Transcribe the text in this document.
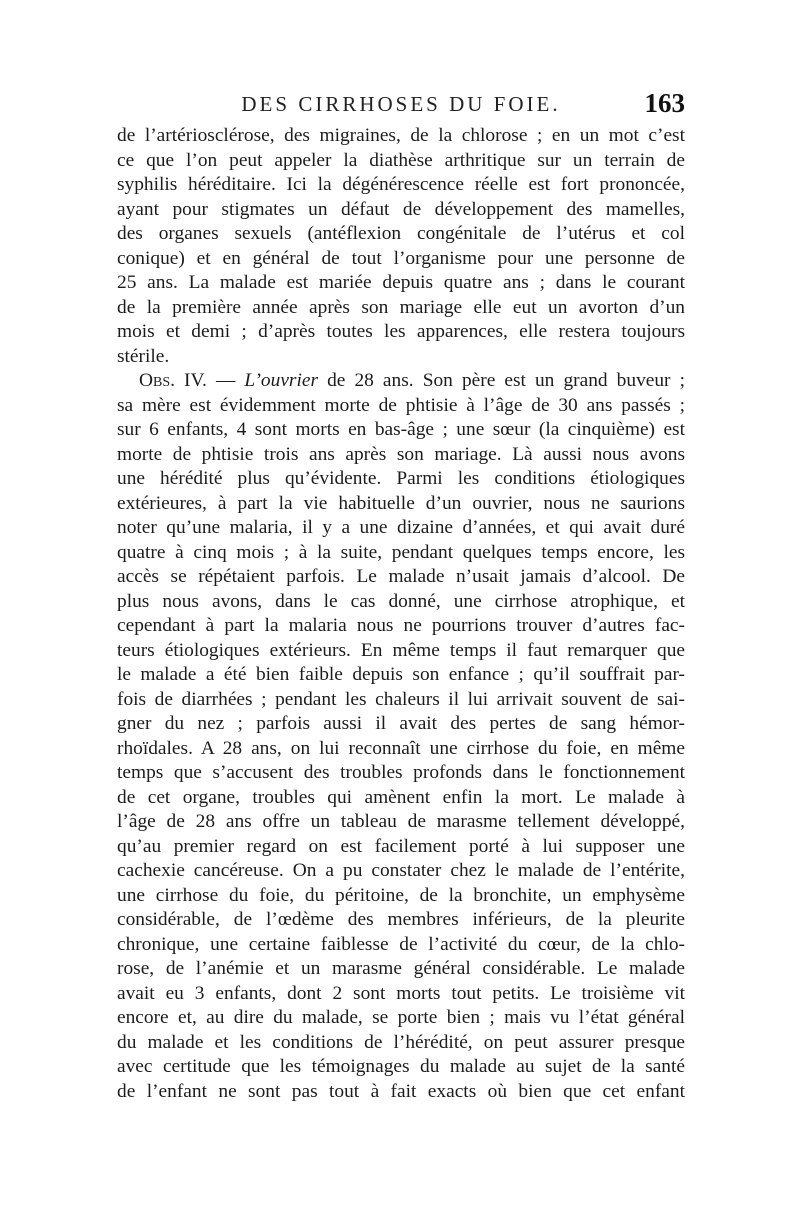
DES CIRRHOSES DU FOIE.	163
de l’artériosclérose, des migraines, de la chlorose ; en un mot c’est
ce que l’on peut appeler la diathèse arthritique sur un terrain de
syphilis héréditaire. Ici la dégénérescence réelle est fort prononcée,
ayant pour stigmates un défaut de développement des mamelles,
des organes sexuels (antéflexion congénitale de l’utérus et col
conique) et en général de tout l’organisme pour une personne de
25 ans. La malade est mariée depuis quatre ans ; dans le courant
de la première année après son mariage elle eut un avorton d’un
mois et demi ; d’après toutes les apparences, elle restera toujours
stérile.
Obs. IV. — L’ouvrier de 28 ans. Son père est un grand buveur ;
sa mère est évidemment morte de phtisie à l’âge de 30 ans passés ;
sur 6 enfants, 4 sont morts en bas-âge ; une sœur (la cinquième) est
morte de phtisie trois ans après son mariage. Là aussi nous avons
une hérédité plus qu’évidente. Parmi les conditions étiologiques
extérieures, à part la vie habituelle d’un ouvrier, nous ne saurions
noter qu’une malaria, il y a une dizaine d’années, et qui avait duré
quatre à cinq mois ; à la suite, pendant quelques temps encore, les
accès se répétaient parfois. Le malade n’usait jamais d’alcool. De
plus nous avons, dans le cas donné, une cirrhose atrophique, et
cependant à part la malaria nous ne pourrions trouver d’autres fac-
teurs étiologiques extérieurs. En même temps il faut remarquer que
le malade a été bien faible depuis son enfance ; qu’il souffrait par-
fois de diarrhées ; pendant les chaleurs il lui arrivait souvent de sai-
gner du nez ; parfois aussi il avait des pertes de sang hémor-
rhoïdales. A 28 ans, on lui reconnaît une cirrhose du foie, en même
temps que s’accusent des troubles profonds dans le fonctionnement
de cet organe, troubles qui amènent enfin la mort. Le malade à
l’âge de 28 ans offre un tableau de marasme tellement développé,
qu’au premier regard on est facilement porté à lui supposer une
cachexie cancéreuse. On a pu constater chez le malade de l’entérite,
une cirrhose du foie, du péritoine, de la bronchite, un emphysème
considérable, de l’œdème des membres inférieurs, de la pleurite
chronique, une certaine faiblesse de l’activité du cœur, de la chlo-
rose, de l’anémie et un marasme général considérable. Le malade
avait eu 3 enfants, dont 2 sont morts tout petits. Le troisième vit
encore et, au dire du malade, se porte bien ; mais vu l’état général
du malade et les conditions de l’hérédité, on peut assurer presque
avec certitude que les témoignages du malade au sujet de la santé
de l’enfant ne sont pas tout à fait exacts où bien que cet enfant
